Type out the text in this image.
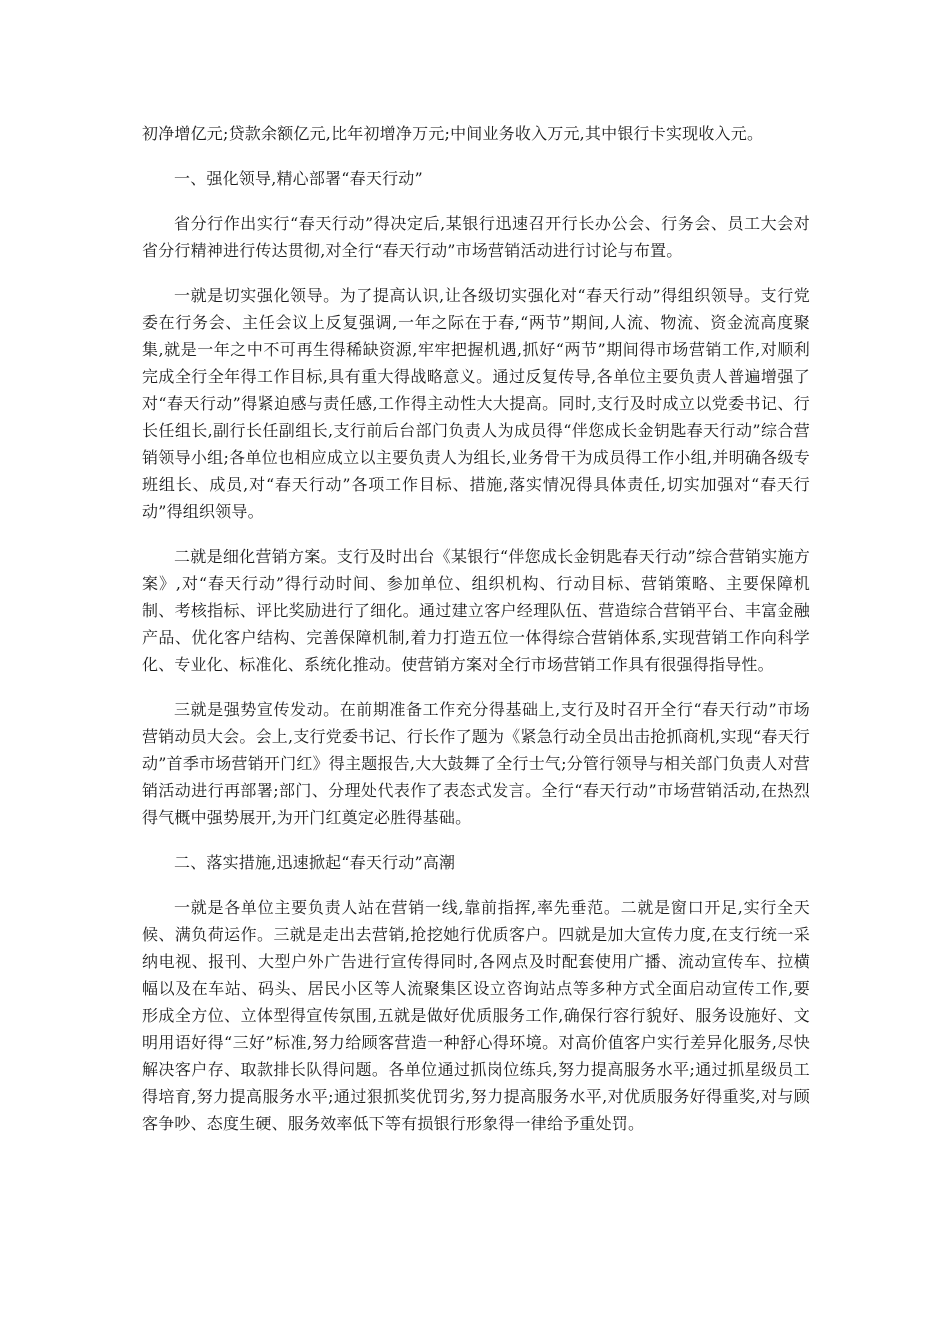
初净增亿元;贷款余额亿元,比年初增净万元;中间业务收入万元,其中银行卡实现收入元。

一、强化领导,精心部署“春天行动”

省分行作出实行“春天行动”得决定后,某银行迅速召开行长办公会、行务会、员工大会对省分行精神进行传达贯彻,对全行“春天行动”市场营销活动进行讨论与布置。

一就是切实强化领导。为了提高认识,让各级切实强化对“春天行动”得组织领导。支行党委在行务会、主任会议上反复强调,一年之际在于春,“两节”期间,人流、物流、资金流高度聚集,就是一年之中不可再生得稀缺资源,牢牢把握机遇,抓好“两节”期间得市场营销工作,对顺利完成全行全年得工作目标,具有重大得战略意义。通过反复传导,各单位主要负责人普遍增强了对“春天行动”得紧迫感与责任感,工作得主动性大大提高。同时,支行及时成立以党委书记、行长任组长,副行长任副组长,支行前后台部门负责人为成员得“伴您成长金钥匙春天行动”综合营销领导小组;各单位也相应成立以主要负责人为组长,业务骨干为成员得工作小组,并明确各级专班组长、成员,对“春天行动”各项工作目标、措施,落实情况得具体责任,切实加强对“春天行动”得组织领导。

二就是细化营销方案。支行及时出台《某银行“伴您成长金钥匙春天行动”综合营销实施方案》,对“春天行动”得行动时间、参加单位、组织机构、行动目标、营销策略、主要保障机制、考核指标、评比奖励进行了细化。通过建立客户经理队伍、营造综合营销平台、丰富金融产品、优化客户结构、完善保障机制,着力打造五位一体得综合营销体系,实现营销工作向科学化、专业化、标准化、系统化推动。使营销方案对全行市场营销工作具有很强得指导性。

三就是强势宣传发动。在前期准备工作充分得基础上,支行及时召开全行“春天行动”市场营销动员大会。会上,支行党委书记、行长作了题为《紧急行动全员出击抢抓商机,实现“春天行动”首季市场营销开门红》得主题报告,大大鼓舞了全行士气;分管行领导与相关部门负责人对营销活动进行再部署;部门、分理处代表作了表态式发言。全行“春天行动”市场营销活动,在热烈得气概中强势展开,为开门红奠定必胜得基础。

二、落实措施,迅速掀起“春天行动”高潮

一就是各单位主要负责人站在营销一线,靠前指挥,率先垂范。二就是窗口开足,实行全天候、满负荷运作。三就是走出去营销,抢挖她行优质客户。四就是加大宣传力度,在支行统一采纳电视、报刊、大型户外广告进行宣传得同时,各网点及时配套使用广播、流动宣传车、拉横幅以及在车站、码头、居民小区等人流聚集区设立咨询站点等多种方式全面启动宣传工作,要形成全方位、立体型得宣传氛围,五就是做好优质服务工作,确保行容行貌好、服务设施好、文明用语好得“三好”标准,努力给顾客营造一种舒心得环境。对高价值客户实行差异化服务,尽快解决客户存、取款排长队得问题。各单位通过抓岗位练兵,努力提高服务水平;通过抓星级员工得培育,努力提高服务水平;通过狠抓奖优罚劣,努力提高服务水平,对优质服务好得重奖,对与顾客争吵、态度生硬、服务效率低下等有损银行形象得一律给予重处罚。
